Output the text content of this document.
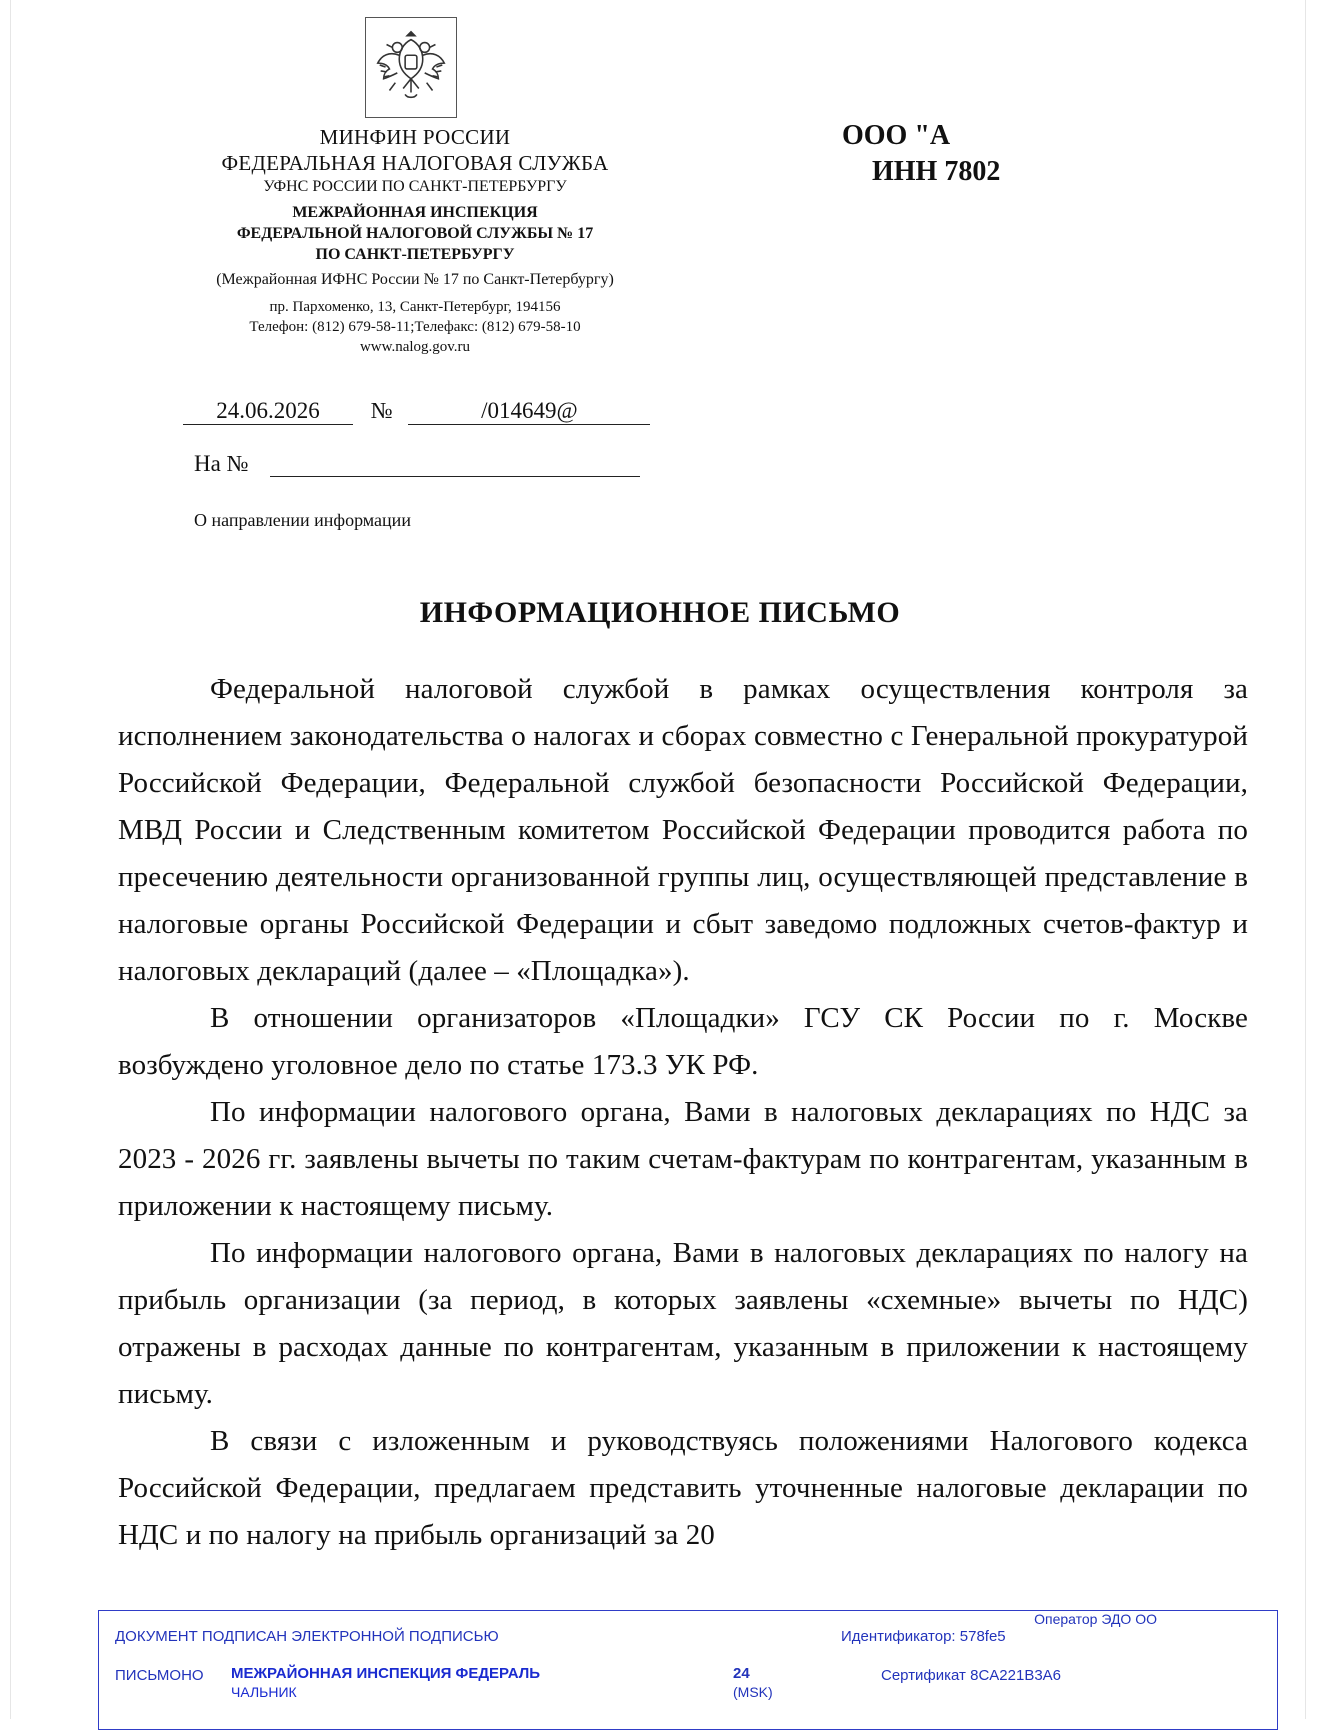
МИНФИН РОССИИ
ФЕДЕРАЛЬНАЯ НАЛОГОВАЯ СЛУЖБА
УФНС РОССИИ ПО САНКТ-ПЕТЕРБУРГУ
МЕЖРАЙОННАЯ ИНСПЕКЦИЯ
ФЕДЕРАЛЬНОЙ НАЛОГОВОЙ СЛУЖБЫ № 17
ПО САНКТ-ПЕТЕРБУРГУ
(Межрайонная ИФНС России № 17 по Санкт-Петербургу)
пр. Пархоменко, 13, Санкт-Петербург, 194156
Телефон: (812) 679-58-11;Телефакс: (812) 679-58-10
www.nalog.gov.ru
ООО "А
ИНН 7802
24.06.2026 №	/014649@
На №
О направлении информации
ИНФОРМАЦИОННОЕ ПИСЬМО

Федеральной налоговой службой в рамках осуществления контроля за исполнением законодательства о налогах и сборах совместно с Генеральной прокуратурой Российской Федерации, Федеральной службой безопасности Российской Федерации, МВД России и Следственным комитетом Российской Федерации проводится работа по пресечению деятельности организованной группы лиц, осуществляющей представление в налоговые органы Российской Федерации и сбыт заведомо подложных счетов-фактур и налоговых деклараций (далее – «Площадка»).

В отношении организаторов «Площадки» ГСУ СК России по г. Москве возбуждено уголовное дело по статье 173.3 УК РФ.

По информации налогового органа, Вами в налоговых декларациях по НДС за 2023 - 2026 гг. заявлены вычеты по таким счетам-фактурам по контрагентам, указанным в приложении к настоящему письму.

По информации налогового органа, Вами в налоговых декларациях по налогу на прибыль организации (за период, в которых заявлены «схемные» вычеты по НДС) отражены в расходах данные по контрагентам, указанным в приложении к настоящему письму.

В связи с изложенным и руководствуясь положениями Налогового кодекса Российской Федерации, предлагаем представить уточненные налоговые декларации по НДС и по налогу на прибыль организаций за 20

Оператор ЭДО ОО
ДОКУМЕНТ ПОДПИСАН ЭЛЕКТРОННОЙ ПОДПИСЬЮ	Идентификатор: 578fe5
ПИСЬМОНО МЕЖРАЙОННАЯ ИНСПЕКЦИЯ ФЕДЕРАЛЬ
ЧАЛЬНИК
24
(MSK)
Сертификат 8CA221B3A6
